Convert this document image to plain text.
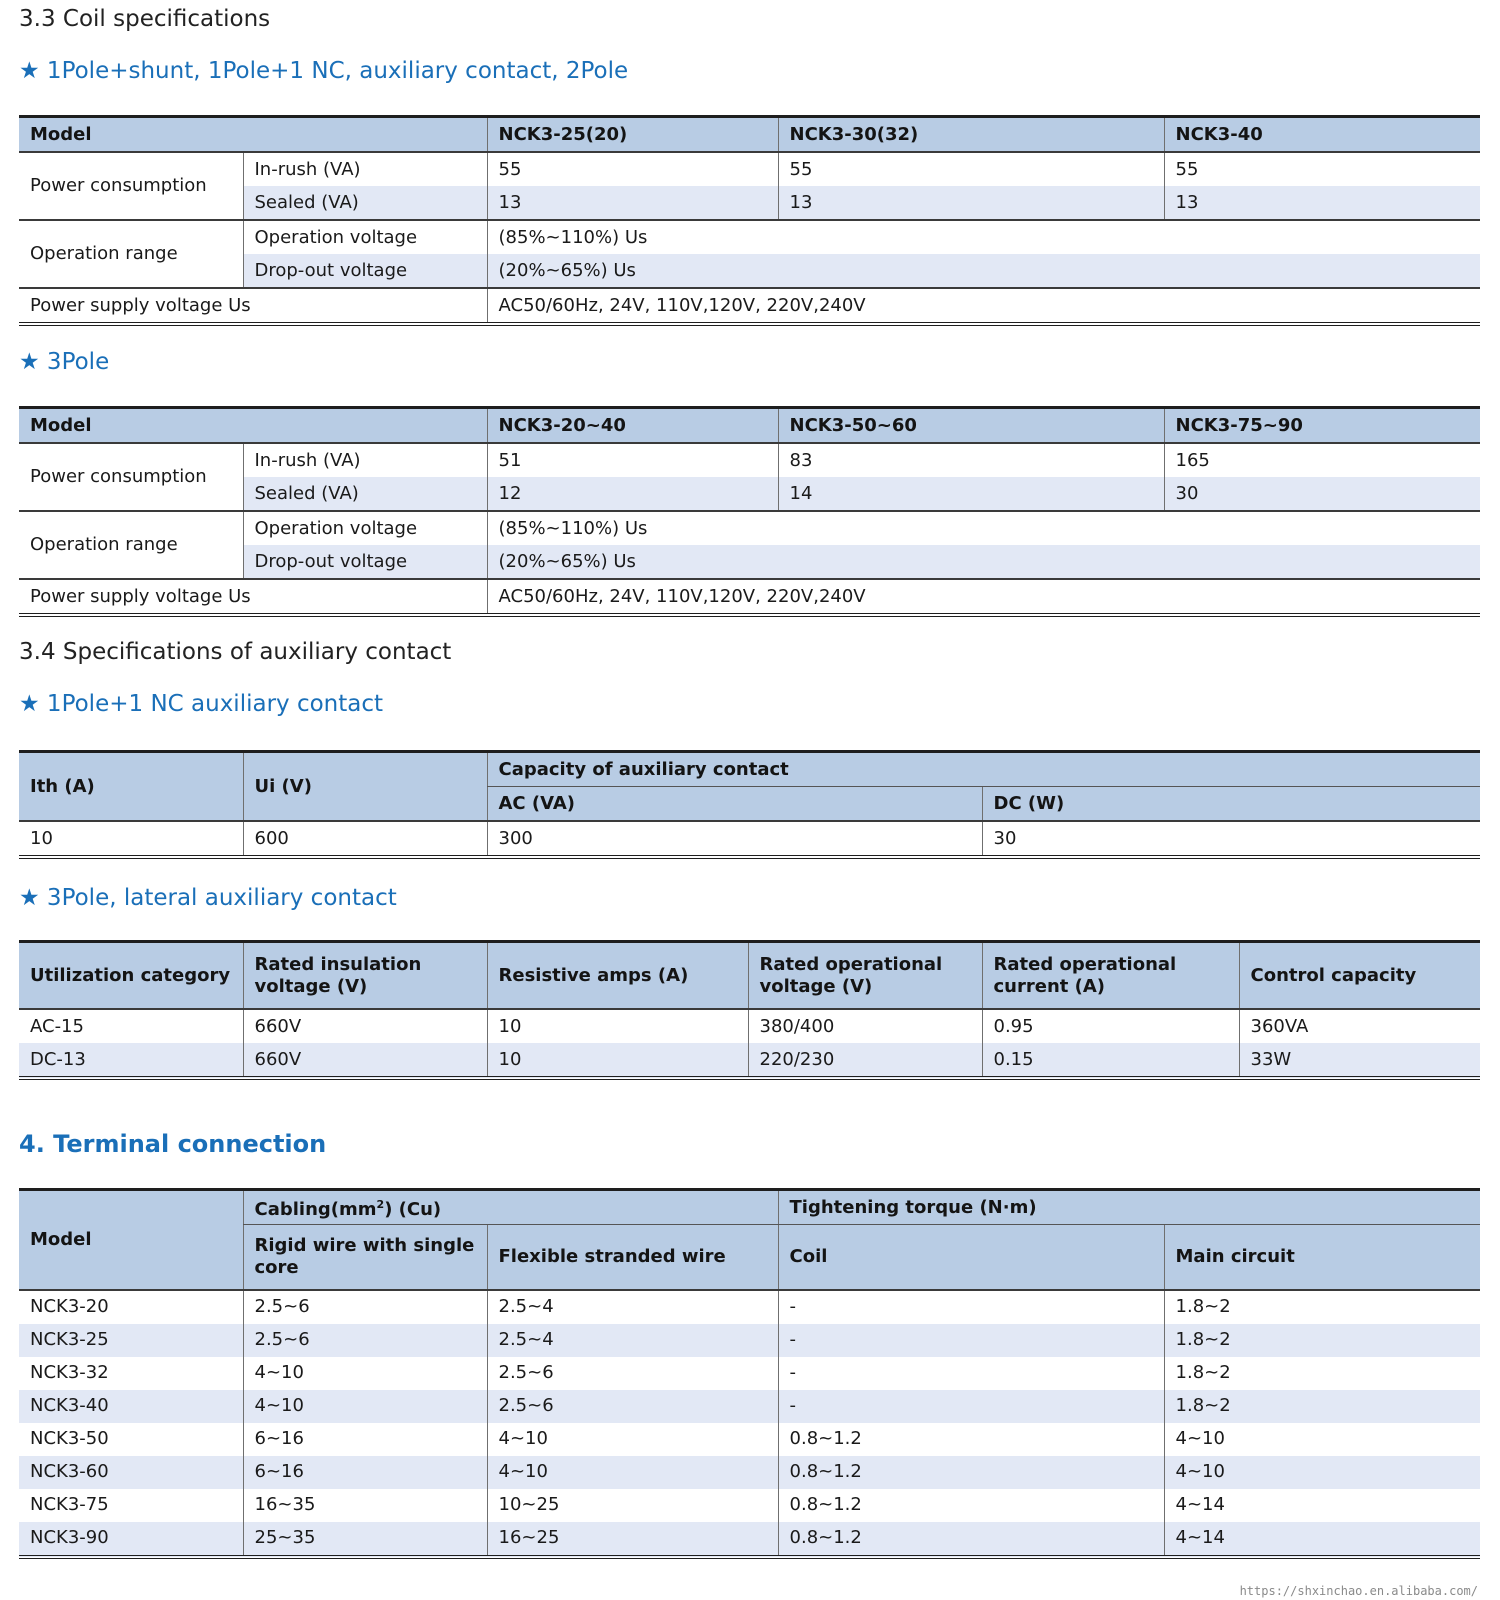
3.3 Coil specifications
★ 1Pole+shunt, 1Pole+1 NC, auxiliary contact, 2Pole
Model		NCK3-25(20)	NCK3-30(32)	NCK3-40
Power consumption	In-rush (VA)	55	55	55
	Sealed (VA)	13	13	13
Operation range	Operation voltage	(85%~110%) Us		
	Drop-out voltage	(20%~65%) Us		
Power supply voltage Us		AC50/60Hz, 24V, 110V,120V, 220V,240V		
★ 3Pole
Model		NCK3-20~40	NCK3-50~60	NCK3-75~90
Power consumption	In-rush (VA)	51	83	165
	Sealed (VA)	12	14	30
Operation range	Operation voltage	(85%~110%) Us		
	Drop-out voltage	(20%~65%) Us		
Power supply voltage Us		AC50/60Hz, 24V, 110V,120V, 220V,240V		
3.4 Specifications of auxiliary contact
★ 1Pole+1 NC auxiliary contact
Ith (A)	Ui (V)	Capacity of auxiliary contact	
		AC (VA)	DC (W)
10	600	300	30
★ 3Pole, lateral auxiliary contact
Utilization category	Rated insulation voltage (V)	Resistive amps (A)	Rated operational voltage (V)	Rated operational current (A)	Control capacity
AC-15	660V	10	380/400	0.95	360VA
DC-13	660V	10	220/230	0.15	33W
4. Terminal connection
Model	$Cabling(mm^2)$ (Cu)		Tightening torque (N·m)	
	Rigid wire with single core	Flexible stranded wire	Coil	Main circuit
NCK3-20	2.5~6	2.5~4	-	1.8~2
NCK3-25	2.5~6	2.5~4	-	1.8~2
NCK3-32	4~10	2.5~6	-	1.8~2
NCK3-40	4~10	2.5~6	-	1.8~2
NCK3-50	6~16	4~10	0.8~1.2	4~10
NCK3-60	6~16	4~10	0.8~1.2	4~10
NCK3-75	16~35	10~25	0.8~1.2	4~14
NCK3-90	25~35	16~25	0.8~1.2	4~14
https://shxinchao.en.alibaba.com/
